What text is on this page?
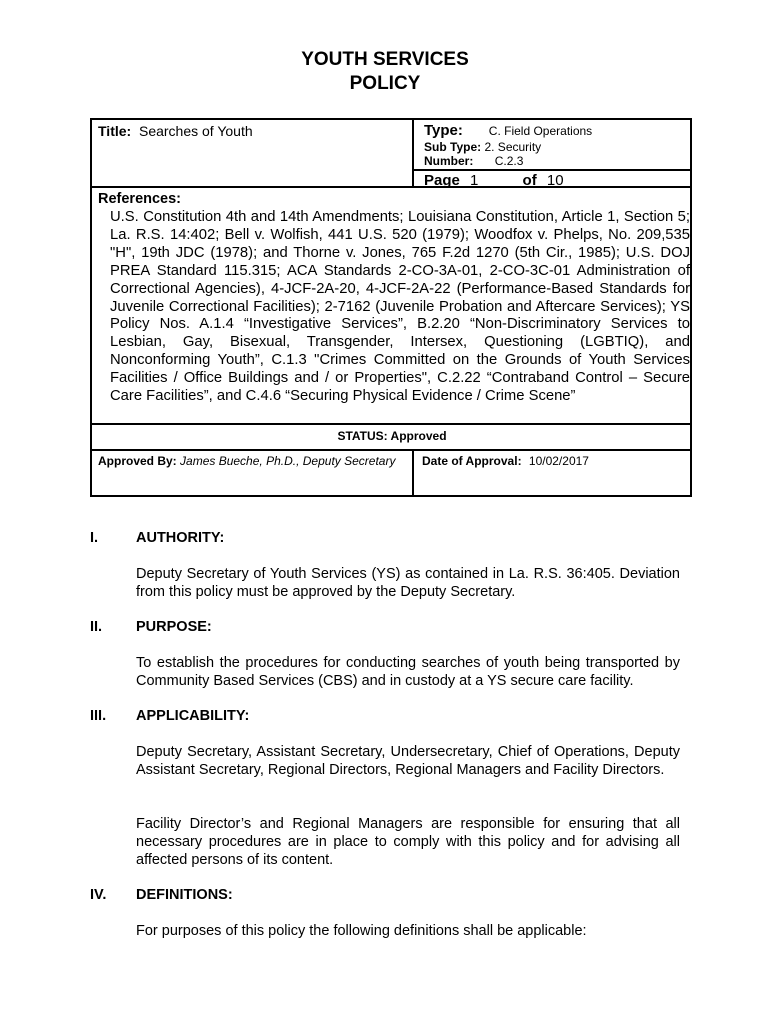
YOUTH SERVICES
POLICY
Title: Searches of Youth	Type: C. Field Operations
Sub Type: 2. Security
Number: C.2.3
Page 1	of 10
References:
U.S. Constitution 4th and 14th Amendments; Louisiana Constitution, Article 1, Section 5; La. R.S. 14:402; Bell v. Wolfish, 441 U.S. 520 (1979); Woodfox v. Phelps, No. 209,535 "H", 19th JDC (1978); and Thorne v. Jones, 765 F.2d 1270 (5th Cir., 1985); U.S. DOJ PREA Standard 115.315; ACA Standards 2-CO-3A-01, 2-CO-3C-01 Administration of Correctional Agencies), 4-JCF-2A-20, 4-JCF-2A-22 (Performance-Based Standards for Juvenile Correctional Facilities); 2-7162 (Juvenile Probation and Aftercare Services); YS Policy Nos. A.1.4 “Investigative Services”, B.2.20 “Non-Discriminatory Services to Lesbian, Gay, Bisexual, Transgender, Intersex, Questioning (LGBTIQ), and Nonconforming Youth”, C.1.3 "Crimes Committed on the Grounds of Youth Services Facilities / Office Buildings and / or Properties", C.2.22 “Contraband Control – Secure Care Facilities”, and C.4.6 “Securing Physical Evidence / Crime Scene”
STATUS: Approved
Approved By: James Bueche, Ph.D., Deputy Secretary Date of Approval: 10/02/2017
I.	AUTHORITY:
Deputy Secretary of Youth Services (YS) as contained in La. R.S. 36:405. Deviation from this policy must be approved by the Deputy Secretary.
II. PURPOSE:
To establish the procedures for conducting searches of youth being transported by Community Based Services (CBS) and in custody at a YS secure care facility.
III. APPLICABILITY:
Deputy Secretary, Assistant Secretary, Undersecretary, Chief of Operations, Deputy Assistant Secretary, Regional Directors, Regional Managers and Facility Directors.
Facility Director’s and Regional Managers are responsible for ensuring that all necessary procedures are in place to comply with this policy and for advising all affected persons of its content.
IV. DEFINITIONS:
For purposes of this policy the following definitions shall be applicable:
